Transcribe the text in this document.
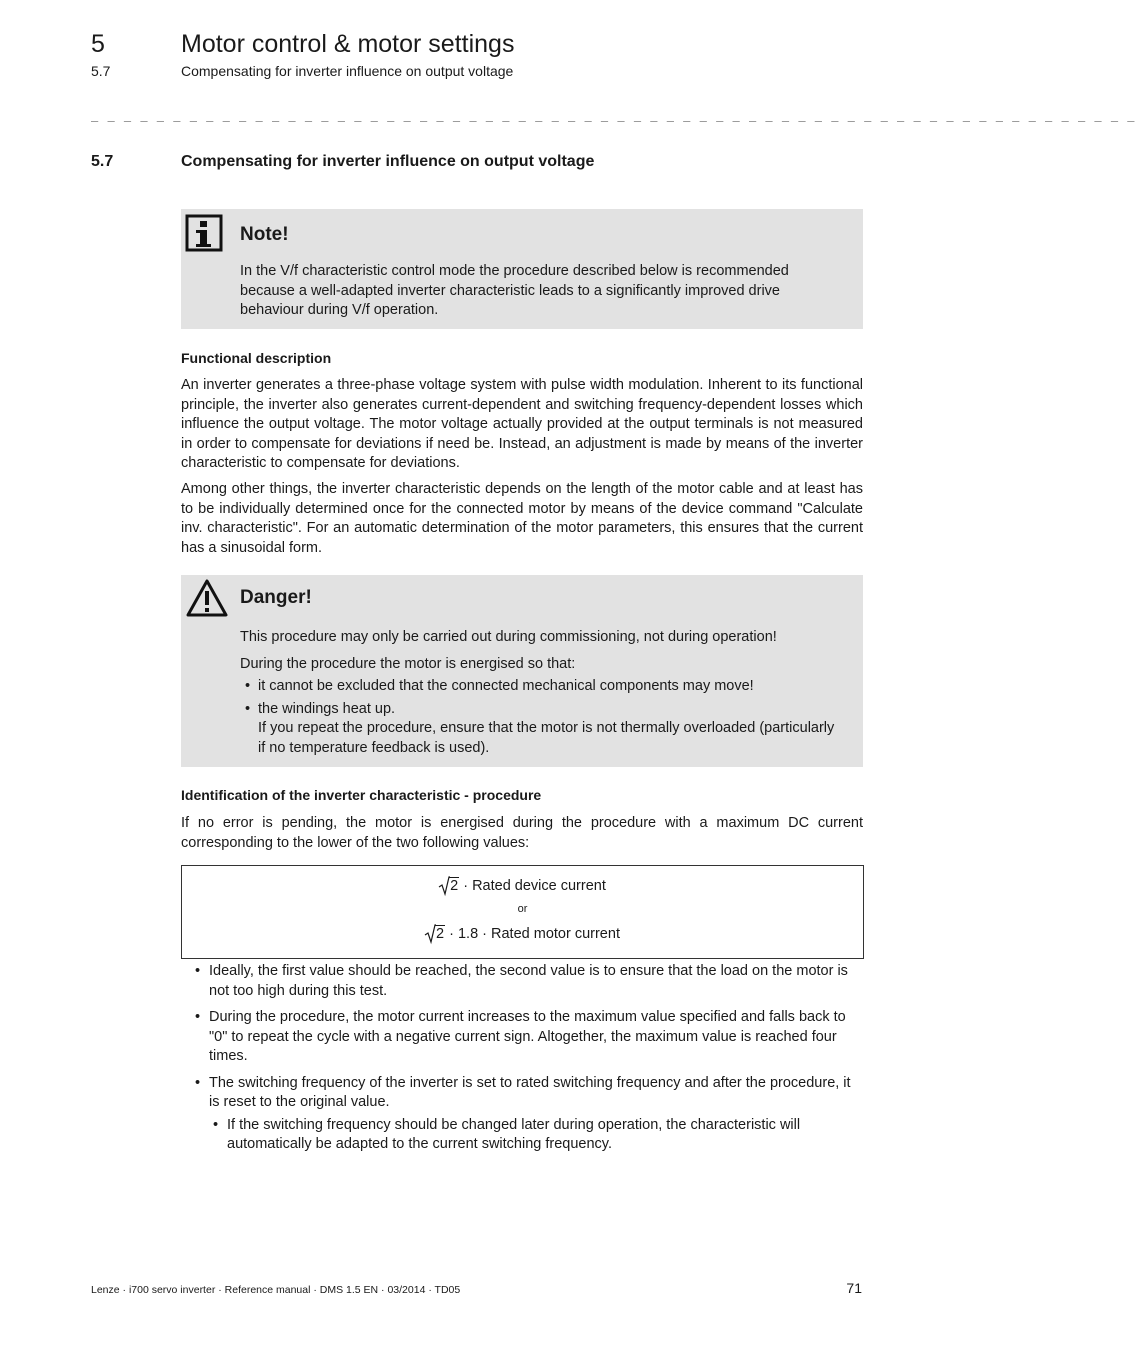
5	Motor control & motor settings
5.7	Compensating for inverter influence on output voltage
_ _ _ _ _ _ _ _ _ _ _ _ _ _ _ _ _ _ _ _ _ _ _ _ _ _ _ _ _ _ _ _ _ _ _ _ _ _ _ _ _ _ _ _ _ _ _ _ _ _ _ _ _ _ _ _ _ _ _ _ _ _ _ _
5.7	Compensating for inverter influence on output voltage
Note!
In the V/f characteristic control mode the procedure described below is recommended because a well-adapted inverter characteristic leads to a significantly improved drive behaviour during V/f operation.
Functional description
An inverter generates a three-phase voltage system with pulse width modulation. Inherent to its functional principle, the inverter also generates current-dependent and switching frequency-dependent losses which influence the output voltage. The motor voltage actually provided at the output terminals is not measured in order to compensate for deviations if need be. Instead, an adjustment is made by means of the inverter characteristic to compensate for deviations.
Among other things, the inverter characteristic depends on the length of the motor cable and at least has to be individually determined once for the connected motor by means of the device command "Calculate inv. characteristic". For an automatic determination of the motor parameters, this ensures that the current has a sinusoidal form.
Danger!
This procedure may only be carried out during commissioning, not during operation!
During the procedure the motor is energised so that:
• it cannot be excluded that the connected mechanical components may move!
• the windings heat up.
If you repeat the procedure, ensure that the motor is not thermally overloaded (particularly if no temperature feedback is used).
Identification of the inverter characteristic - procedure
If no error is pending, the motor is energised during the procedure with a maximum DC current corresponding to the lower of the two following values:
2 · Rated device current
or
2 · 1.8 · Rated motor current
• Ideally, the first value should be reached, the second value is to ensure that the load on the motor is not too high during this test.
• During the procedure, the motor current increases to the maximum value specified and falls back to "0" to repeat the cycle with a negative current sign. Altogether, the maximum value is reached four times.
• The switching frequency of the inverter is set to rated switching frequency and after the procedure, it is reset to the original value.
• If the switching frequency should be changed later during operation, the characteristic will automatically be adapted to the current switching frequency.
Lenze · i700 servo inverter · Reference manual · DMS 1.5 EN · 03/2014 · TD05	71
